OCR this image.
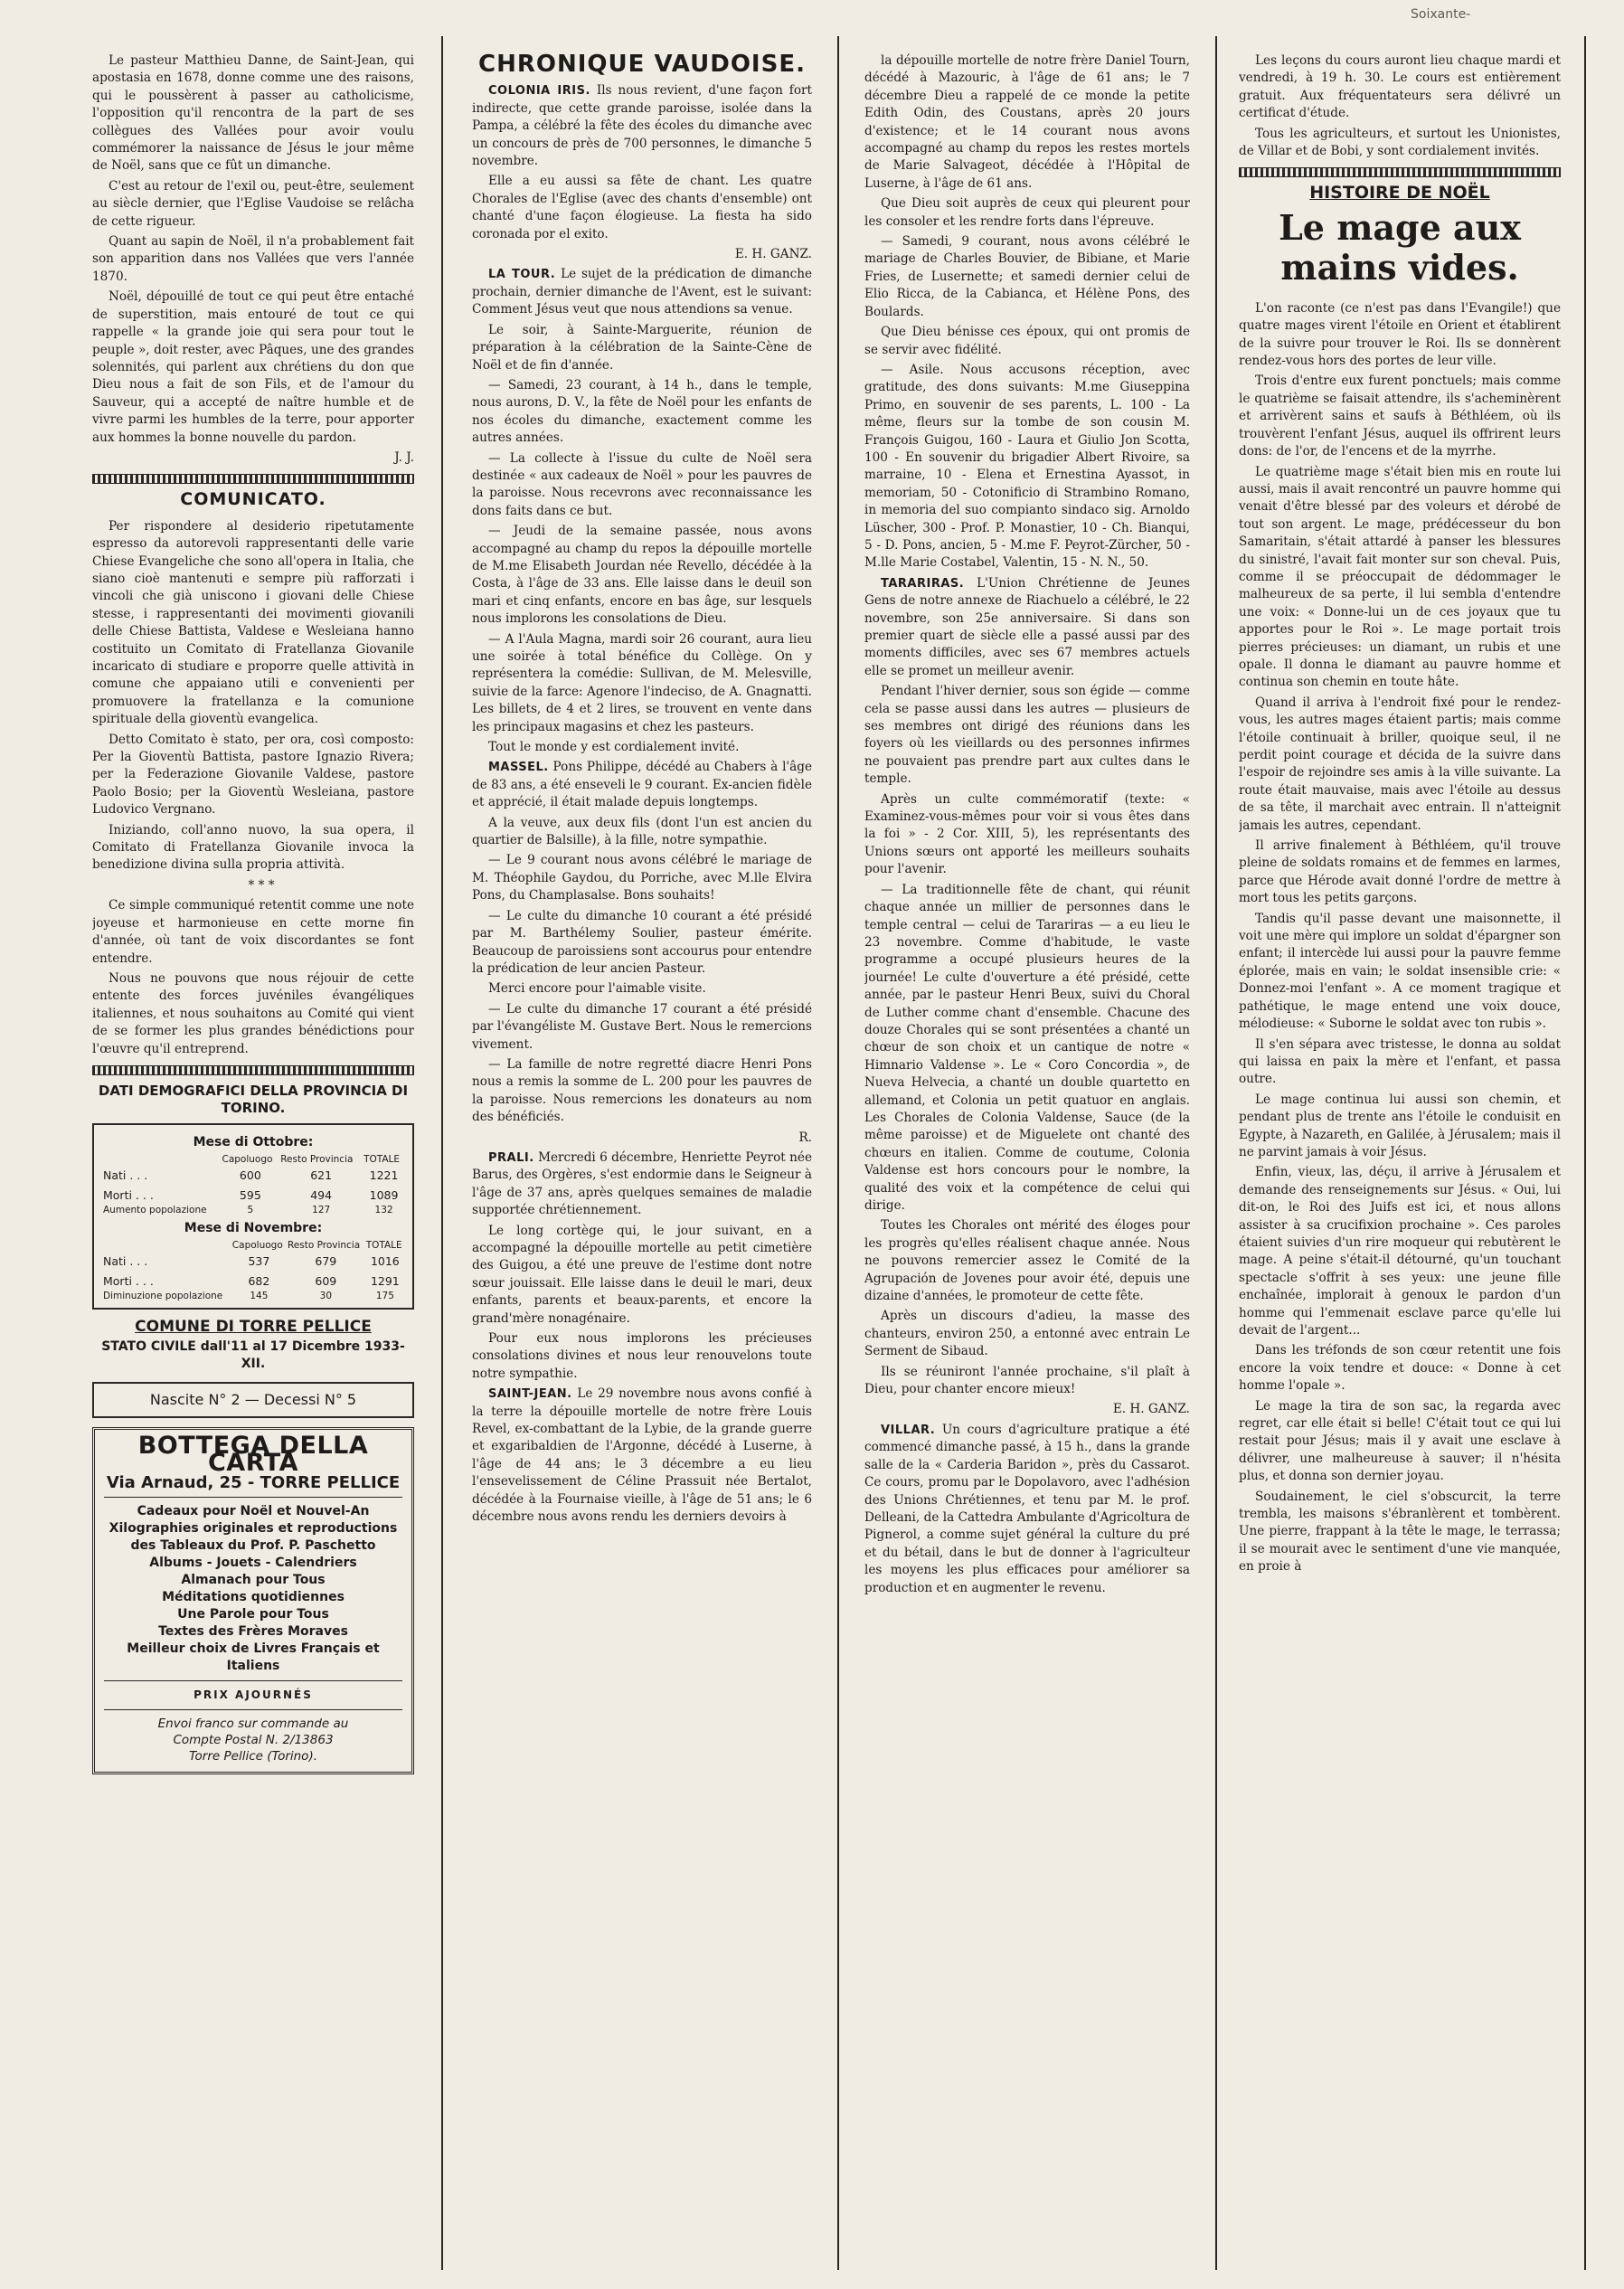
Soixante-

Le pasteur Matthieu Danne, de Saint-Jean, qui apostasia en 1678, donne comme une des raisons, qui le poussèrent à passer au catholicisme, l'opposition qu'il rencontra de la part de ses collègues des Vallées pour avoir voulu commémorer la naissance de Jésus le jour même de Noël, sans que ce fût un dimanche.

C'est au retour de l'exil ou, peut-être, seulement au siècle dernier, que l'Eglise Vaudoise se relâcha de cette rigueur.

Quant au sapin de Noël, il n'a probablement fait son apparition dans nos Vallées que vers l'année 1870.

Noël, dépouillé de tout ce qui peut être entaché de superstition, mais entouré de tout ce qui rappelle « la grande joie qui sera pour tout le peuple », doit rester, avec Pâques, une des grandes solennités, qui parlent aux chrétiens du don que Dieu nous a fait de son Fils, et de l'amour du Sauveur, qui a accepté de naître humble et de vivre parmi les humbles de la terre, pour apporter aux hommes la bonne nouvelle du pardon.

J. J.

COMUNICATO.

Per rispondere al desiderio ripetutamente espresso da autorevoli rappresentanti delle varie Chiese Evangeliche che sono all'opera in Italia, che siano cioè mantenuti e sempre più rafforzati i vincoli che già uniscono i giovani delle Chiese stesse, i rappresentanti dei movimenti giovanili delle Chiese Battista, Valdese e Wesleiana hanno costituito un Comitato di Fratellanza Giovanile incaricato di studiare e proporre quelle attività in comune che appaiano utili e convenienti per promuovere la fratellanza e la comunione spirituale della gioventù evangelica.

Detto Comitato è stato, per ora, così composto: Per la Gioventù Battista, pastore Ignazio Rivera; per la Federazione Giovanile Valdese, pastore Paolo Bosio; per la Gioventù Wesleiana, pastore Ludovico Vergnano.

Iniziando, coll'anno nuovo, la sua opera, il Comitato di Fratellanza Giovanile invoca la benedizione divina sulla propria attività.

* * *

Ce simple communiqué retentit comme une note joyeuse et harmonieuse en cette morne fin d'année, où tant de voix discordantes se font entendre.

Nous ne pouvons que nous réjouir de cette entente des forces juvéniles évangéliques italiennes, et nous souhaitons au Comité qui vient de se former les plus grandes bénédictions pour l'œuvre qu'il entreprend.

DATI DEMOGRAFICI DELLA PROVINCIA DI TORINO.
Mese di Ottobre:
	Capoluogo	Resto Provincia	TOTALE
Nati . . .	600	621	1221
Morti . . .	595	494	1089
Aumento popolazione	5	127	132
Mese di Novembre:
	Capoluogo	Resto Provincia	TOTALE
Nati . . .	537	679	1016
Morti . . .	682	609	1291
Diminuzione popolazione	145	30	175
COMUNE DI TORRE PELLICE
STATO CIVILE dall'11 al 17 Dicembre 1933-XII.
Nascite N° 2 — Decessi N° 5
BOTTEGA DELLA CARTA
Via Arnaud, 25 - TORRE PELLICE
Cadeaux pour Noël et Nouvel-An
Xilographies originales et reproductions des Tableaux du Prof. P. Paschetto
Albums - Jouets - Calendriers
Almanach pour Tous
Méditations quotidiennes
Une Parole pour Tous
Textes des Frères Moraves
Meilleur choix de Livres Français et Italiens
PRIX AJOURNÉS
Envoi franco sur commande au
Compte Postal N. 2/13863
Torre Pellice (Torino).
CHRONIQUE VAUDOISE.

COLONIA IRIS. Ils nous revient, d'une façon fort indirecte, que cette grande paroisse, isolée dans la Pampa, a célébré la fête des écoles du dimanche avec un concours de près de 700 personnes, le dimanche 5 novembre.

Elle a eu aussi sa fête de chant. Les quatre Chorales de l'Eglise (avec des chants d'ensemble) ont chanté d'une façon élogieuse. La fiesta ha sido coronada por el exito.

E. H. GANZ.

LA TOUR. Le sujet de la prédication de dimanche prochain, dernier dimanche de l'Avent, est le suivant: Comment Jésus veut que nous attendions sa venue.

Le soir, à Sainte-Marguerite, réunion de préparation à la célébration de la Sainte-Cène de Noël et de fin d'année.

— Samedi, 23 courant, à 14 h., dans le temple, nous aurons, D. V., la fête de Noël pour les enfants de nos écoles du dimanche, exactement comme les autres années.

— La collecte à l'issue du culte de Noël sera destinée « aux cadeaux de Noël » pour les pauvres de la paroisse. Nous recevrons avec reconnaissance les dons faits dans ce but.

— Jeudi de la semaine passée, nous avons accompagné au champ du repos la dépouille mortelle de M.me Elisabeth Jourdan née Revello, décédée à la Costa, à l'âge de 33 ans. Elle laisse dans le deuil son mari et cinq enfants, encore en bas âge, sur lesquels nous implorons les consolations de Dieu.

— A l'Aula Magna, mardi soir 26 courant, aura lieu une soirée à total bénéfice du Collège. On y représentera la comédie: Sullivan, de M. Melesville, suivie de la farce: Agenore l'indeciso, de A. Gnagnatti. Les billets, de 4 et 2 lires, se trouvent en vente dans les principaux magasins et chez les pasteurs.

Tout le monde y est cordialement invité.

MASSEL. Pons Philippe, décédé au Chabers à l'âge de 83 ans, a été enseveli le 9 courant. Ex-ancien fidèle et apprécié, il était malade depuis longtemps.

A la veuve, aux deux fils (dont l'un est ancien du quartier de Balsille), à la fille, notre sympathie.

— Le 9 courant nous avons célébré le mariage de M. Théophile Gaydou, du Porriche, avec M.lle Elvira Pons, du Champlasalse. Bons souhaits!

— Le culte du dimanche 10 courant a été présidé par M. Barthélemy Soulier, pasteur émérite. Beaucoup de paroissiens sont accourus pour entendre la prédication de leur ancien Pasteur.

Merci encore pour l'aimable visite.

— Le culte du dimanche 17 courant a été présidé par l'évangéliste M. Gustave Bert. Nous le remercions vivement.

— La famille de notre regretté diacre Henri Pons nous a remis la somme de L. 200 pour les pauvres de la paroisse. Nous remercions les donateurs au nom des bénéficiés.

R.

PRALI. Mercredi 6 décembre, Henriette Peyrot née Barus, des Orgères, s'est endormie dans le Seigneur à l'âge de 37 ans, après quelques semaines de maladie supportée chrétiennement.

Le long cortège qui, le jour suivant, en a accompagné la dépouille mortelle au petit cimetière des Guigou, a été une preuve de l'estime dont notre sœur jouissait. Elle laisse dans le deuil le mari, deux enfants, parents et beaux-parents, et encore la grand'mère nonagénaire.

Pour eux nous implorons les précieuses consolations divines et nous leur renouvelons toute notre sympathie.

SAINT-JEAN. Le 29 novembre nous avons confié à la terre la dépouille mortelle de notre frère Louis Revel, ex-combattant de la Lybie, de la grande guerre et exgaribaldien de l'Argonne, décédé à Luserne, à l'âge de 44 ans; le 3 décembre a eu lieu l'ensevelissement de Céline Prassuit née Bertalot, décédée à la Fournaise vieille, à l'âge de 51 ans; le 6 décembre nous avons rendu les derniers devoirs à

la dépouille mortelle de notre frère Daniel Tourn, décédé à Mazouric, à l'âge de 61 ans; le 7 décembre Dieu a rappelé de ce monde la petite Edith Odin, des Coustans, après 20 jours d'existence; et le 14 courant nous avons accompagné au champ du repos les restes mortels de Marie Salvageot, décédée à l'Hôpital de Luserne, à l'âge de 61 ans.

Que Dieu soit auprès de ceux qui pleurent pour les consoler et les rendre forts dans l'épreuve.

— Samedi, 9 courant, nous avons célébré le mariage de Charles Bouvier, de Bibiane, et Marie Fries, de Lusernette; et samedi dernier celui de Elio Ricca, de la Cabianca, et Hélène Pons, des Boulards.

Que Dieu bénisse ces époux, qui ont promis de se servir avec fidélité.

— Asile. Nous accusons réception, avec gratitude, des dons suivants: M.me Giuseppina Primo, en souvenir de ses parents, L. 100 - La même, fleurs sur la tombe de son cousin M. François Guigou, 160 - Laura et Giulio Jon Scotta, 100 - En souvenir du brigadier Albert Rivoire, sa marraine, 10 - Elena et Ernestina Ayassot, in memoriam, 50 - Cotonificio di Strambino Romano, in memoria del suo compianto sindaco sig. Arnoldo Lüscher, 300 - Prof. P. Monastier, 10 - Ch. Bianqui, 5 - D. Pons, ancien, 5 - M.me F. Peyrot-Zürcher, 50 - M.lle Marie Costabel, Valentin, 15 - N. N., 50.

TARARIRAS. L'Union Chrétienne de Jeunes Gens de notre annexe de Riachuelo a célébré, le 22 novembre, son 25e anniversaire. Si dans son premier quart de siècle elle a passé aussi par des moments difficiles, avec ses 67 membres actuels elle se promet un meilleur avenir.

Pendant l'hiver dernier, sous son égide — comme cela se passe aussi dans les autres — plusieurs de ses membres ont dirigé des réunions dans les foyers où les vieillards ou des personnes infirmes ne pouvaient pas prendre part aux cultes dans le temple.

Après un culte commémoratif (texte: « Examinez-vous-mêmes pour voir si vous êtes dans la foi » - 2 Cor. XIII, 5), les représentants des Unions sœurs ont apporté les meilleurs souhaits pour l'avenir.

— La traditionnelle fête de chant, qui réunit chaque année un millier de personnes dans le temple central — celui de Tarariras — a eu lieu le 23 novembre. Comme d'habitude, le vaste programme a occupé plusieurs heures de la journée! Le culte d'ouverture a été présidé, cette année, par le pasteur Henri Beux, suivi du Choral de Luther comme chant d'ensemble. Chacune des douze Chorales qui se sont présentées a chanté un chœur de son choix et un cantique de notre « Himnario Valdense ». Le « Coro Concordia », de Nueva Helvecia, a chanté un double quartetto en allemand, et Colonia un petit quatuor en anglais. Les Chorales de Colonia Valdense, Sauce (de la même paroisse) et de Miguelete ont chanté des chœurs en italien. Comme de coutume, Colonia Valdense est hors concours pour le nombre, la qualité des voix et la compétence de celui qui dirige.

Toutes les Chorales ont mérité des éloges pour les progrès qu'elles réalisent chaque année. Nous ne pouvons remercier assez le Comité de la Agrupación de Jovenes pour avoir été, depuis une dizaine d'années, le promoteur de cette fête.

Après un discours d'adieu, la masse des chanteurs, environ 250, a entonné avec entrain Le Serment de Sibaud.

Ils se réuniront l'année prochaine, s'il plaît à Dieu, pour chanter encore mieux!

E. H. GANZ.

VILLAR. Un cours d'agriculture pratique a été commencé dimanche passé, à 15 h., dans la grande salle de la « Carderia Baridon », près du Cassarot. Ce cours, promu par le Dopolavoro, avec l'adhésion des Unions Chrétiennes, et tenu par M. le prof. Delleani, de la Cattedra Ambulante d'Agricoltura de Pignerol, a comme sujet général la culture du pré et du bétail, dans le but de donner à l'agriculteur les moyens les plus efficaces pour améliorer sa production et en augmenter le revenu.

Les leçons du cours auront lieu chaque mardi et vendredi, à 19 h. 30. Le cours est entièrement gratuit. Aux fréquentateurs sera délivré un certificat d'étude.

Tous les agriculteurs, et surtout les Unionistes, de Villar et de Bobi, y sont cordialement invités.

HISTOIRE DE NOËL
Le mage aux mains vides.

L'on raconte (ce n'est pas dans l'Evangile!) que quatre mages virent l'étoile en Orient et établirent de la suivre pour trouver le Roi. Ils se donnèrent rendez-vous hors des portes de leur ville.

Trois d'entre eux furent ponctuels; mais comme le quatrième se faisait attendre, ils s'acheminèrent et arrivèrent sains et saufs à Béthléem, où ils trouvèrent l'enfant Jésus, auquel ils offrirent leurs dons: de l'or, de l'encens et de la myrrhe.

Le quatrième mage s'était bien mis en route lui aussi, mais il avait rencontré un pauvre homme qui venait d'être blessé par des voleurs et dérobé de tout son argent. Le mage, prédécesseur du bon Samaritain, s'était attardé à panser les blessures du sinistré, l'avait fait monter sur son cheval. Puis, comme il se préoccupait de dédommager le malheureux de sa perte, il lui sembla d'entendre une voix: « Donne-lui un de ces joyaux que tu apportes pour le Roi ». Le mage portait trois pierres précieuses: un diamant, un rubis et une opale. Il donna le diamant au pauvre homme et continua son chemin en toute hâte.

Quand il arriva à l'endroit fixé pour le rendez-vous, les autres mages étaient partis; mais comme l'étoile continuait à briller, quoique seul, il ne perdit point courage et décida de la suivre dans l'espoir de rejoindre ses amis à la ville suivante. La route était mauvaise, mais avec l'étoile au dessus de sa tête, il marchait avec entrain. Il n'atteignit jamais les autres, cependant.

Il arrive finalement à Béthléem, qu'il trouve pleine de soldats romains et de femmes en larmes, parce que Hérode avait donné l'ordre de mettre à mort tous les petits garçons.

Tandis qu'il passe devant une maisonnette, il voit une mère qui implore un soldat d'épargner son enfant; il intercède lui aussi pour la pauvre femme éplorée, mais en vain; le soldat insensible crie: « Donnez-moi l'enfant ». A ce moment tragique et pathétique, le mage entend une voix douce, mélodieuse: « Suborne le soldat avec ton rubis ».

Il s'en sépara avec tristesse, le donna au soldat qui laissa en paix la mère et l'enfant, et passa outre.

Le mage continua lui aussi son chemin, et pendant plus de trente ans l'étoile le conduisit en Egypte, à Nazareth, en Galilée, à Jérusalem; mais il ne parvint jamais à voir Jésus.

Enfin, vieux, las, déçu, il arrive à Jérusalem et demande des renseignements sur Jésus. « Oui, lui dit-on, le Roi des Juifs est ici, et nous allons assister à sa crucifixion prochaine ». Ces paroles étaient suivies d'un rire moqueur qui rebutèrent le mage. A peine s'était-il détourné, qu'un touchant spectacle s'offrit à ses yeux: une jeune fille enchaînée, implorait à genoux le pardon d'un homme qui l'emmenait esclave parce qu'elle lui devait de l'argent...

Dans les tréfonds de son cœur retentit une fois encore la voix tendre et douce: « Donne à cet homme l'opale ».

Le mage la tira de son sac, la regarda avec regret, car elle était si belle! C'était tout ce qui lui restait pour Jésus; mais il y avait une esclave à délivrer, une malheureuse à sauver; il n'hésita plus, et donna son dernier joyau.

Soudainement, le ciel s'obscurcit, la terre trembla, les maisons s'ébranlèrent et tombèrent. Une pierre, frappant à la tête le mage, le terrassa; il se mourait avec le sentiment d'une vie manquée, en proie à
